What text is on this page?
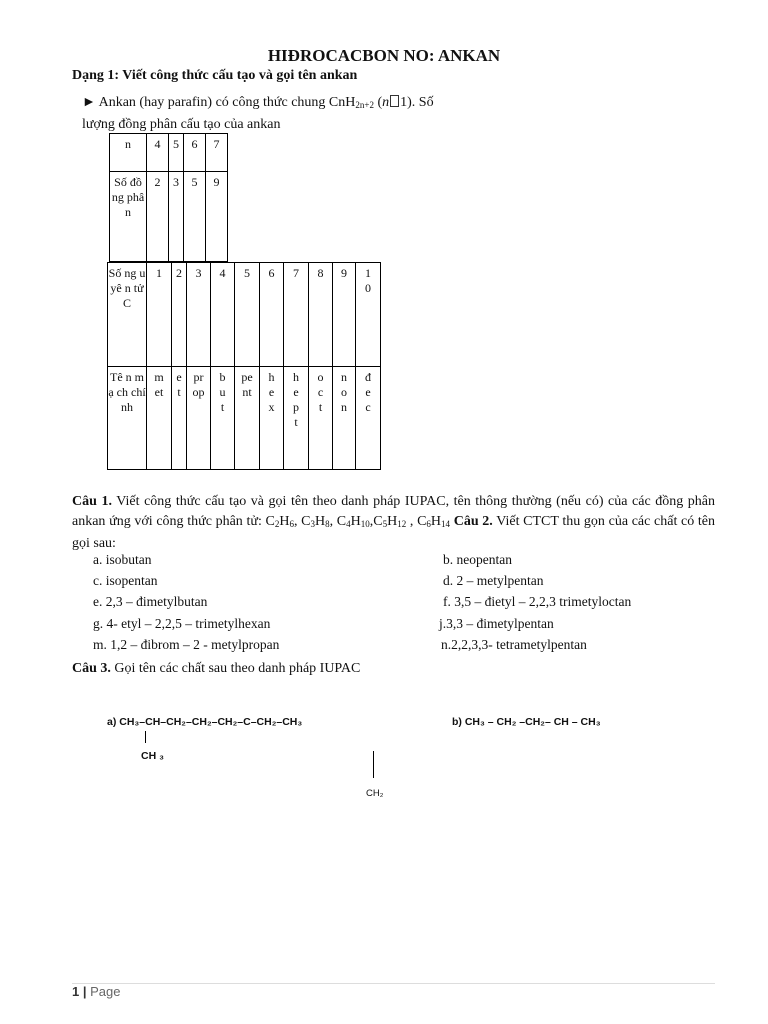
HIĐROCACBON NO: ANKAN
Dạng 1: Viết công thức cấu tạo và gọi tên ankan
► Ankan (hay parafin) có công thức chung CnH$_{2n+2}$ (n 1). Số
lượng đồng phân cấu tạo của ankan
n	4	5	6	7

Số đồ ng phâ n	2	3	5	9
Số ng uyê n tử C	1	2	3	4	5	6	7	8	9	10

Tê n mạ ch chí nh	met	et	prop	but	pent	hex	hept	oct	non	đec
Câu 1. Viết công thức cấu tạo và gọi tên theo danh pháp IUPAC, tên thông thường (nếu có) của các đồng phân ankan ứng với công thức phân tử: $C_2H_6$, $C_3H_8$, $C_4H_{10},C_5H_{12}$ , $C_6H_{14}$ Câu 2. Viết CTCT thu gọn của các chất có tên gọi sau:
a. isobutan	b. neopentan
c. isopentan	d. 2 – metylpentan
e. 2,3 – đimetylbutan	f. 3,5 – đietyl – 2,2,3 trimetyloctan
g. 4- etyl – 2,2,5 – trimetylhexan	j.3,3 – đimetylpentan
m. 1,2 – đibrom – 2 - metylpropan	n.2,2,3,3- tetrametylpentan
Câu 3. Gọi tên các chất sau theo danh pháp IUPAC
a) CH₃–CH–CH₂–CH₂–CH₂–C–CH₂–CH₃
CH ₃
b) CH₃ – CH₂ –CH₂– CH – CH₃
CH₂
1 | Page
